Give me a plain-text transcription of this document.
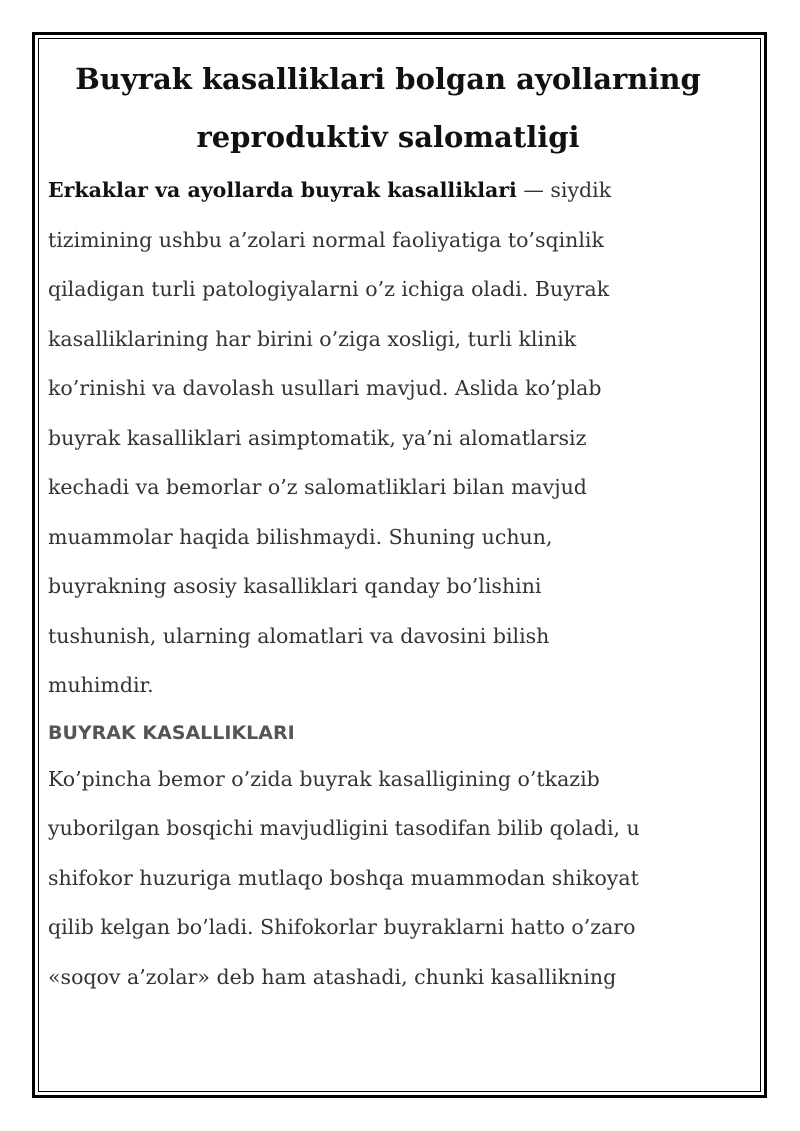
Buyrak kasalliklari bolgan ayollarning
reproduktiv salomatligi

Erkaklar va ayollarda buyrak kasalliklari — siydik
tizimining ushbu a’zolari normal faoliyatiga to’sqinlik
qiladigan turli patologiyalarni o’z ichiga oladi. Buyrak
kasalliklarining har birini o’ziga xosligi, turli klinik
ko’rinishi va davolash usullari mavjud. Aslida ko’plab
buyrak kasalliklari asimptomatik, ya’ni alomatlarsiz
kechadi va bemorlar o’z salomatliklari bilan mavjud
muammolar haqida bilishmaydi. Shuning uchun,
buyrakning asosiy kasalliklari qanday bo’lishini
tushunish, ularning alomatlari va davosini bilish
muhimdir.

BUYRAK KASALLIKLARI

Ko’pincha bemor o’zida buyrak kasalligining o’tkazib
yuborilgan bosqichi mavjudligini tasodifan bilib qoladi, u
shifokor huzuriga mutlaqo boshqa muammodan shikoyat
qilib kelgan bo’ladi. Shifokorlar buyraklarni hatto o’zaro
«soqov a’zolar» deb ham atashadi, chunki kasallikning
